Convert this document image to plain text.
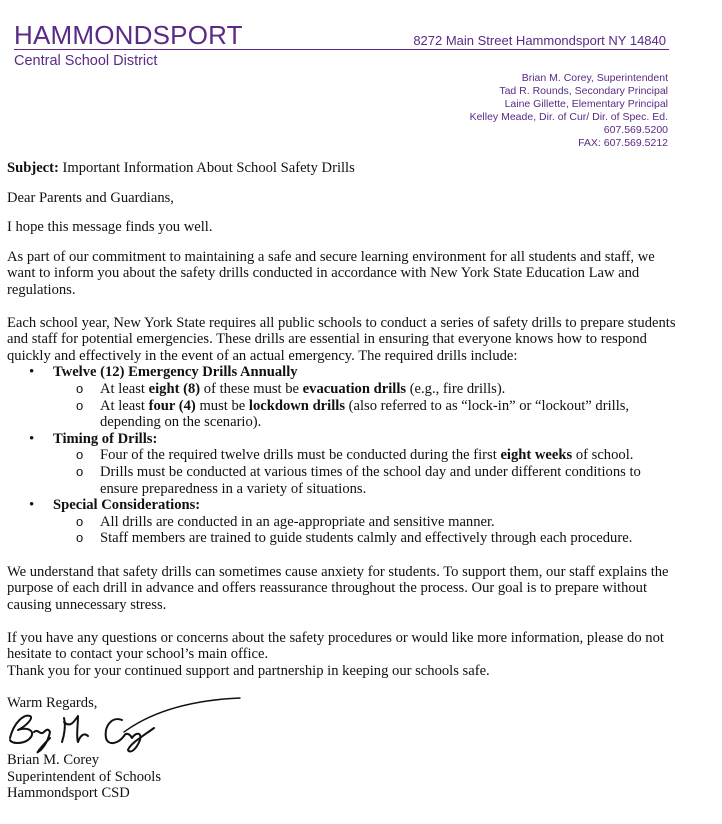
HAMMONDSPORT	8272 Main Street Hammondsport NY 14840
Central School District
Brian M. Corey, Superintendent
Tad R. Rounds, Secondary Principal
Laine Gillette, Elementary Principal
Kelley Meade, Dir. of Cur/ Dir. of Spec. Ed.
607.569.5200
FAX: 607.569.5212

Subject: Important Information About School Safety Drills

Dear Parents and Guardians,

I hope this message finds you well.

As part of our commitment to maintaining a safe and secure learning environment for all students and staff, we want to inform you about the safety drills conducted in accordance with New York State Education Law and regulations.

Each school year, New York State requires all public schools to conduct a series of safety drills to prepare students and staff for potential emergencies. These drills are essential in ensuring that everyone knows how to respond quickly and effectively in the event of an actual emergency. The required drills include:

• Twelve (12) Emergency Drills Annually
o At least eight (8) of these must be evacuation drills (e.g., fire drills).
o At least four (4) must be lockdown drills (also referred to as “lock-in” or “lockout” drills, depending on the scenario).
• Timing of Drills:
o Four of the required twelve drills must be conducted during the first eight weeks of school.
o Drills must be conducted at various times of the school day and under different conditions to ensure preparedness in a variety of situations.
• Special Considerations:
o All drills are conducted in an age-appropriate and sensitive manner.
o Staff members are trained to guide students calmly and effectively through each procedure.

We understand that safety drills can sometimes cause anxiety for students. To support them, our staff explains the purpose of each drill in advance and offers reassurance throughout the process. Our goal is to prepare without causing unnecessary stress.

If you have any questions or concerns about the safety procedures or would like more information, please do not hesitate to contact your school’s main office.

Thank you for your continued support and partnership in keeping our schools safe.

Warm Regards,

Brian M. Corey

Superintendent of Schools

Hammondsport CSD
